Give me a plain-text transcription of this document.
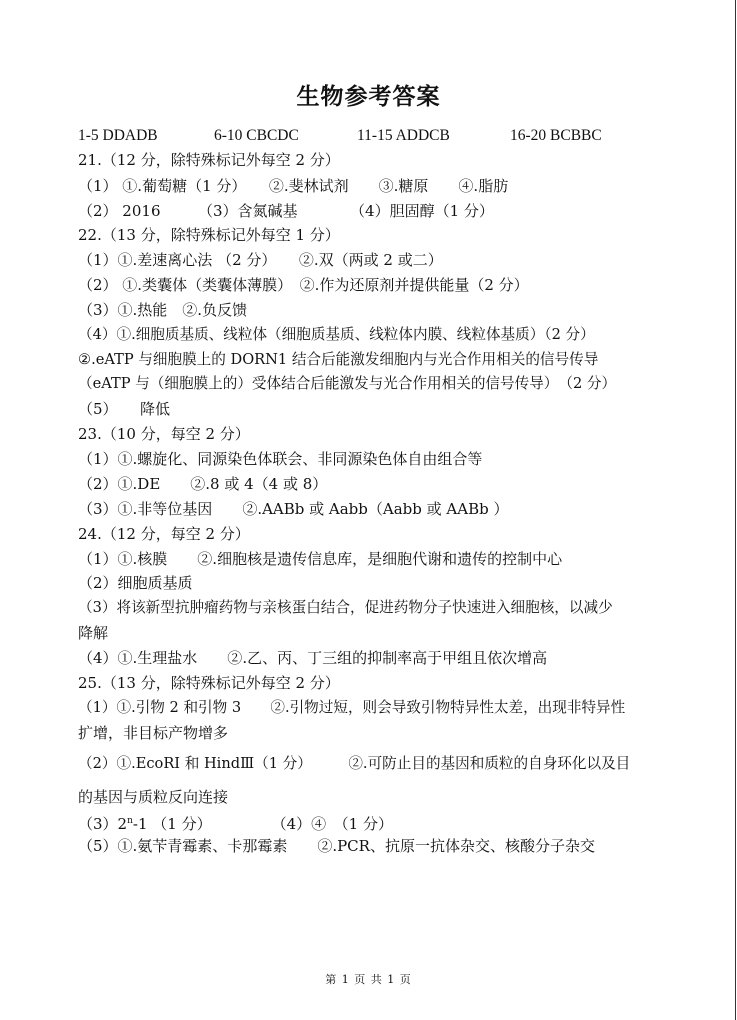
生物参考答案
1-5 DDADB	6-10 CBCDC	11-15 ADDCB	16-20 BCBBC
21.（12 分，除特殊标记外每空 2 分）
（1） ①.葡萄糖（1 分）　　②.斐林试剂　　③.糖原　　④.脂肪
（2） 2016　　　（3）含氮碱基　　　　（4）胆固醇（1 分）
22.（13 分，除特殊标记外每空 1 分）
（1）①.差速离心法 （2 分）　　②.双（两或 2 或二）
（2） ①.类囊体（类囊体薄膜）　②.作为还原剂并提供能量（2 分）
（3）①.热能　②.负反馈
（4）①.细胞质基质、线粒体（细胞质基质、线粒体内膜、线粒体基质）（2 分）
②.eATP 与细胞膜上的 DORN1 结合后能激发细胞内与光合作用相关的信号传导
（eATP 与（细胞膜上的）受体结合后能激发与光合作用相关的信号传导）　（2 分）
（5）　　降低
23.（10 分，每空 2 分）
（1）①.螺旋化、同源染色体联会、非同源染色体自由组合等
（2）①.DE　　②.8 或 4（4 或 8）
（3）①.非等位基因　　②.AABb 或 Aabb（Aabb 或 AABb ）
24.（12 分，每空 2 分）
（1）①.核膜　　②.细胞核是遗传信息库，是细胞代谢和遗传的控制中心
（2）细胞质基质
（3）将该新型抗肿瘤药物与亲核蛋白结合，促进药物分子快速进入细胞核，以减少
降解
（4）①.生理盐水　　②.乙、丙、丁三组的抑制率高于甲组且依次增高
25.（13 分，除特殊标记外每空 2 分）
（1）①.引物 2 和引物 3　　②.引物过短，则会导致引物特异性太差，出现非特异性
扩增，非目标产物增多
（2）①.EcoRI 和 HindⅢ（1 分）　　　②.可防止目的基因和质粒的自身环化以及目
的基因与质粒反向连接
（3）2$^n$-1 （1 分）　　　　　（4）④　（1 分）
（5）①.氨苄青霉素、卡那霉素　　②.PCR、抗原一抗体杂交、核酸分子杂交
第 1 页 共 1 页
